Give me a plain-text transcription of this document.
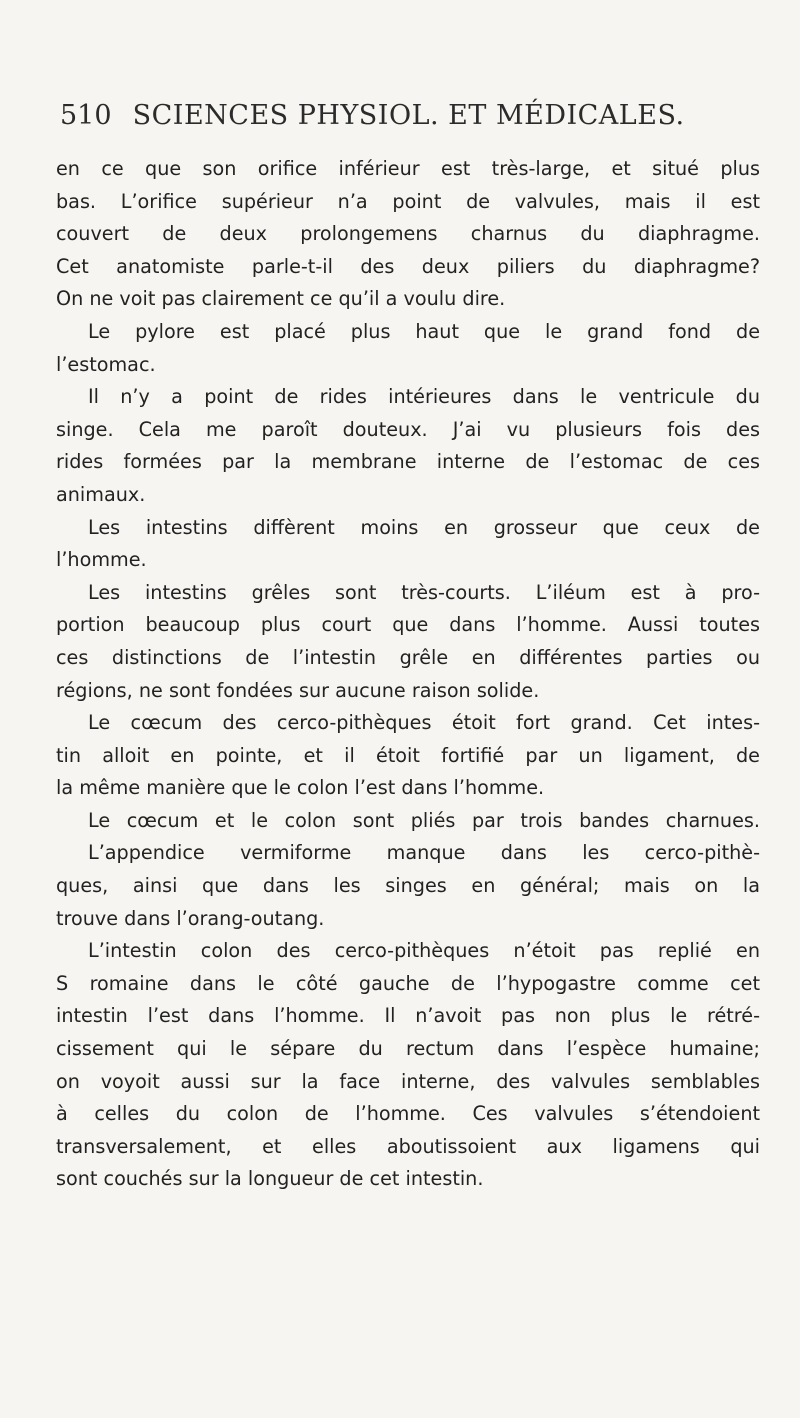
510 SCIENCES PHYSIOL. ET MÉDICALES.
en ce que son orifice inférieur est très-large, et situé plus
bas. L’orifice supérieur n’a point de valvules, mais il est
couvert de deux prolongemens charnus du diaphragme.
Cet anatomiste parle-t-il des deux piliers du diaphragme?
On ne voit pas clairement ce qu’il a voulu dire.
Le pylore est placé plus haut que le grand fond de
l’estomac.
Il n’y a point de rides intérieures dans le ventricule du
singe. Cela me paroît douteux. J’ai vu plusieurs fois des
rides formées par la membrane interne de l’estomac de ces
animaux.
Les intestins diffèrent moins en grosseur que ceux de
l’homme.
Les intestins grêles sont très-courts. L’iléum est à pro-
portion beaucoup plus court que dans l’homme. Aussi toutes
ces distinctions de l’intestin grêle en différentes parties ou
régions, ne sont fondées sur aucune raison solide.
Le cœcum des cerco-pithèques étoit fort grand. Cet intes-
tin alloit en pointe, et il étoit fortifié par un ligament, de
la même manière que le colon l’est dans l’homme.
Le cœcum et le colon sont pliés par trois bandes charnues.
L’appendice vermiforme manque dans les cerco-pithè-
ques, ainsi que dans les singes en général; mais on la
trouve dans l’orang-outang.
L’intestin colon des cerco-pithèques n’étoit pas replié en
S romaine dans le côté gauche de l’hypogastre comme cet
intestin l’est dans l’homme. Il n’avoit pas non plus le rétré-
cissement qui le sépare du rectum dans l’espèce humaine;
on voyoit aussi sur la face interne, des valvules semblables
à celles du colon de l’homme. Ces valvules s’étendoient
transversalement, et elles aboutissoient aux ligamens qui
sont couchés sur la longueur de cet intestin.
